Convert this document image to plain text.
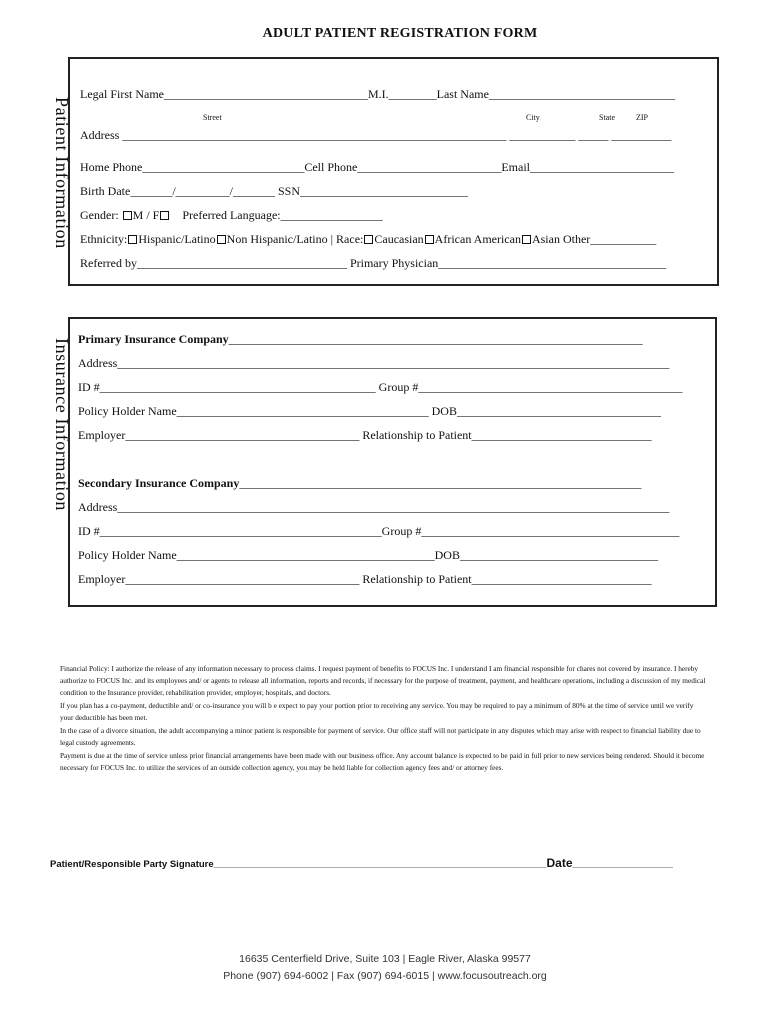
ADULT PATIENT REGISTRATION FORM
Patient Information
Legal First Name__________________________________M.I.________Last Name_______________________________
Street	City	State	ZIP
Address ________________________________________________________________ ___________ _____ __________
Home Phone___________________________Cell Phone________________________Email________________________
Birth Date_______/_________/_______ SSN____________________________
Gender: M / F Preferred Language:_________________
Ethnicity: Hispanic/Latino Non Hispanic/Latino | Race: Caucasian African American Asian Other___________
Referred by___________________________________ Primary Physician______________________________________
Insurance Information Primary Insurance Company_____________________________________________________________________
Address____________________________________________________________________________________________
ID #______________________________________________ Group #____________________________________________
Policy Holder Name__________________________________________ DOB__________________________________
Employer_______________________________________ Relationship to Patient______________________________
Secondary Insurance Company___________________________________________________________________
Address____________________________________________________________________________________________
ID #_______________________________________________Group #___________________________________________
Policy Holder Name___________________________________________DOB_________________________________
Employer_______________________________________ Relationship to Patient______________________________

Financial Policy: I authorize the release of any information necessary to process claims. I request payment of benefits to FOCUS Inc. I understand I am financial responsible for chares not covered by insurance. I hereby authorize to FOCUS Inc. and its employees and/ or agents to release all information, reports and records, if necessary for the purpose of treatment, payment, and healthcare operations, including a discussion of my medical condition to the Insurance provider, rehabilitation provider, employer, hospitals, and doctors.

If you plan has a co-payment, deductible and/ or co-insurance you will b e expect to pay your portion prior to receiving any service. You may be required to pay a minimum of 80% at the time of service until we verify your deductible has been met.

In the case of a divorce situation, the adult accompanying a minor patient is responsible for payment of service. Our office staff will not participate in any disputes which may arise with respect to financial liability due to legal custody agreements.

Payment is due at the time of service unless prior financial arrangements have been made with our business office. Any account balance is expected to be paid in full prior to new services being rendered. Should it become necessary for FOCUS Inc. to utilize the services of an outside collection agency, you may be held liable for collection agency fees and/ or attorney fees.

Patient/Responsible Party Signature_______________________________________________________________Date___________________
16635 Centerfield Drive, Suite 103 | Eagle River, Alaska 99577
Phone (907) 694-6002 | Fax (907) 694-6015 | www.focusoutreach.org
